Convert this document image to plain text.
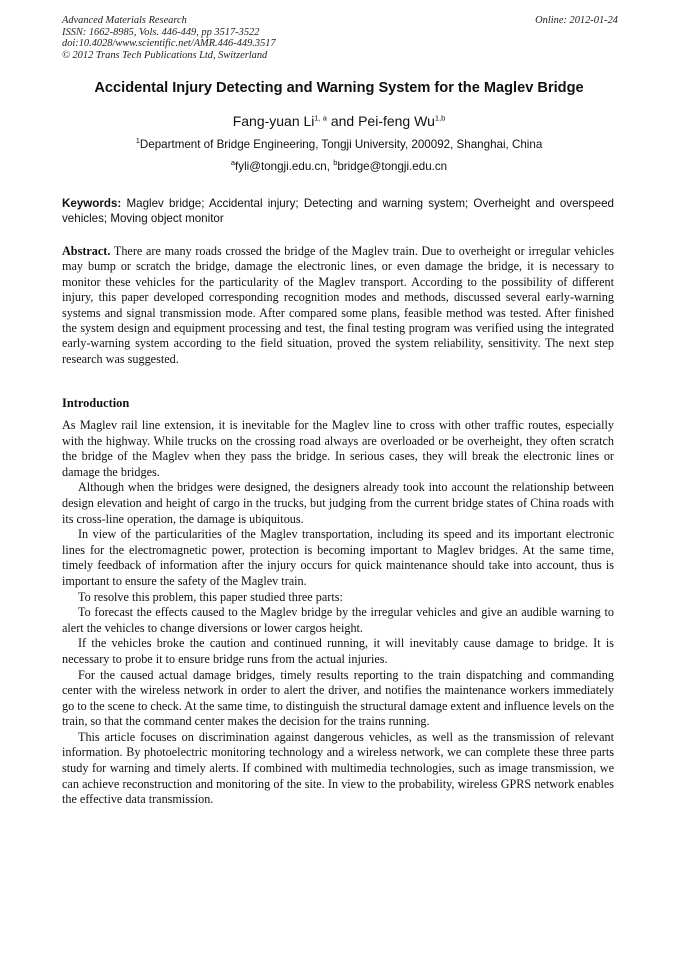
Advanced Materials Research
ISSN: 1662-8985, Vols. 446-449, pp 3517-3522
doi:10.4028/www.scientific.net/AMR.446-449.3517
© 2012 Trans Tech Publications Ltd, Switzerland
Online: 2012-01-24
Accidental Injury Detecting and Warning System for the Maglev Bridge
Fang-yuan Li$^{1, a}$ and Pei-feng Wu$^{1,b}$
$^1$Department of Bridge Engineering, Tongji University, 200092, Shanghai, China
$^a$fyli@tongji.edu.cn, $^b$bridge@tongji.edu.cn
Keywords: Maglev bridge; Accidental injury; Detecting and warning system; Overheight and overspeed vehicles; Moving object monitor
Abstract. There are many roads crossed the bridge of the Maglev train. Due to overheight or irregular vehicles may bump or scratch the bridge, damage the electronic lines, or even damage the bridge, it is necessary to monitor these vehicles for the particularity of the Maglev transport. According to the possibility of different injury, this paper developed corresponding recognition modes and methods, discussed several early-warning systems and signal transmission mode. After compared some plans, feasible method was tested. After finished the system design and equipment processing and test, the final testing program was verified using the integrated early-warning system according to the field situation, proved the system reliability, sensitivity. The next step research was suggested.
Introduction

As Maglev rail line extension, it is inevitable for the Maglev line to cross with other traffic routes, especially with the highway. While trucks on the crossing road always are overloaded or be overheight, they often scratch the bridge of the Maglev when they pass the bridge. In serious cases, they will break the electronic lines or damage the bridges.

Although when the bridges were designed, the designers already took into account the relationship between design elevation and height of cargo in the trucks, but judging from the current bridge states of China roads with its cross-line operation, the damage is ubiquitous.

In view of the particularities of the Maglev transportation, including its speed and its important electronic lines for the electromagnetic power, protection is becoming important to Maglev bridges. At the same time, timely feedback of information after the injury occurs for quick maintenance should take into account, thus is important to ensure the safety of the Maglev train.

To resolve this problem, this paper studied three parts:

To forecast the effects caused to the Maglev bridge by the irregular vehicles and give an audible warning to alert the vehicles to change diversions or lower cargos height.

If the vehicles broke the caution and continued running, it will inevitably cause damage to bridge. It is necessary to probe it to ensure bridge runs from the actual injuries.

For the caused actual damage bridges, timely results reporting to the train dispatching and commanding center with the wireless network in order to alert the driver, and notifies the maintenance workers immediately go to the scene to check. At the same time, to distinguish the structural damage extent and influence levels on the train, so that the command center makes the decision for the trains running.

This article focuses on discrimination against dangerous vehicles, as well as the transmission of relevant information. By photoelectric monitoring technology and a wireless network, we can complete these three parts study for warning and timely alerts. If combined with multimedia technologies, such as image transmission, we can achieve reconstruction and monitoring of the site. In view to the probability, wireless GPRS network enables the effective data transmission.
